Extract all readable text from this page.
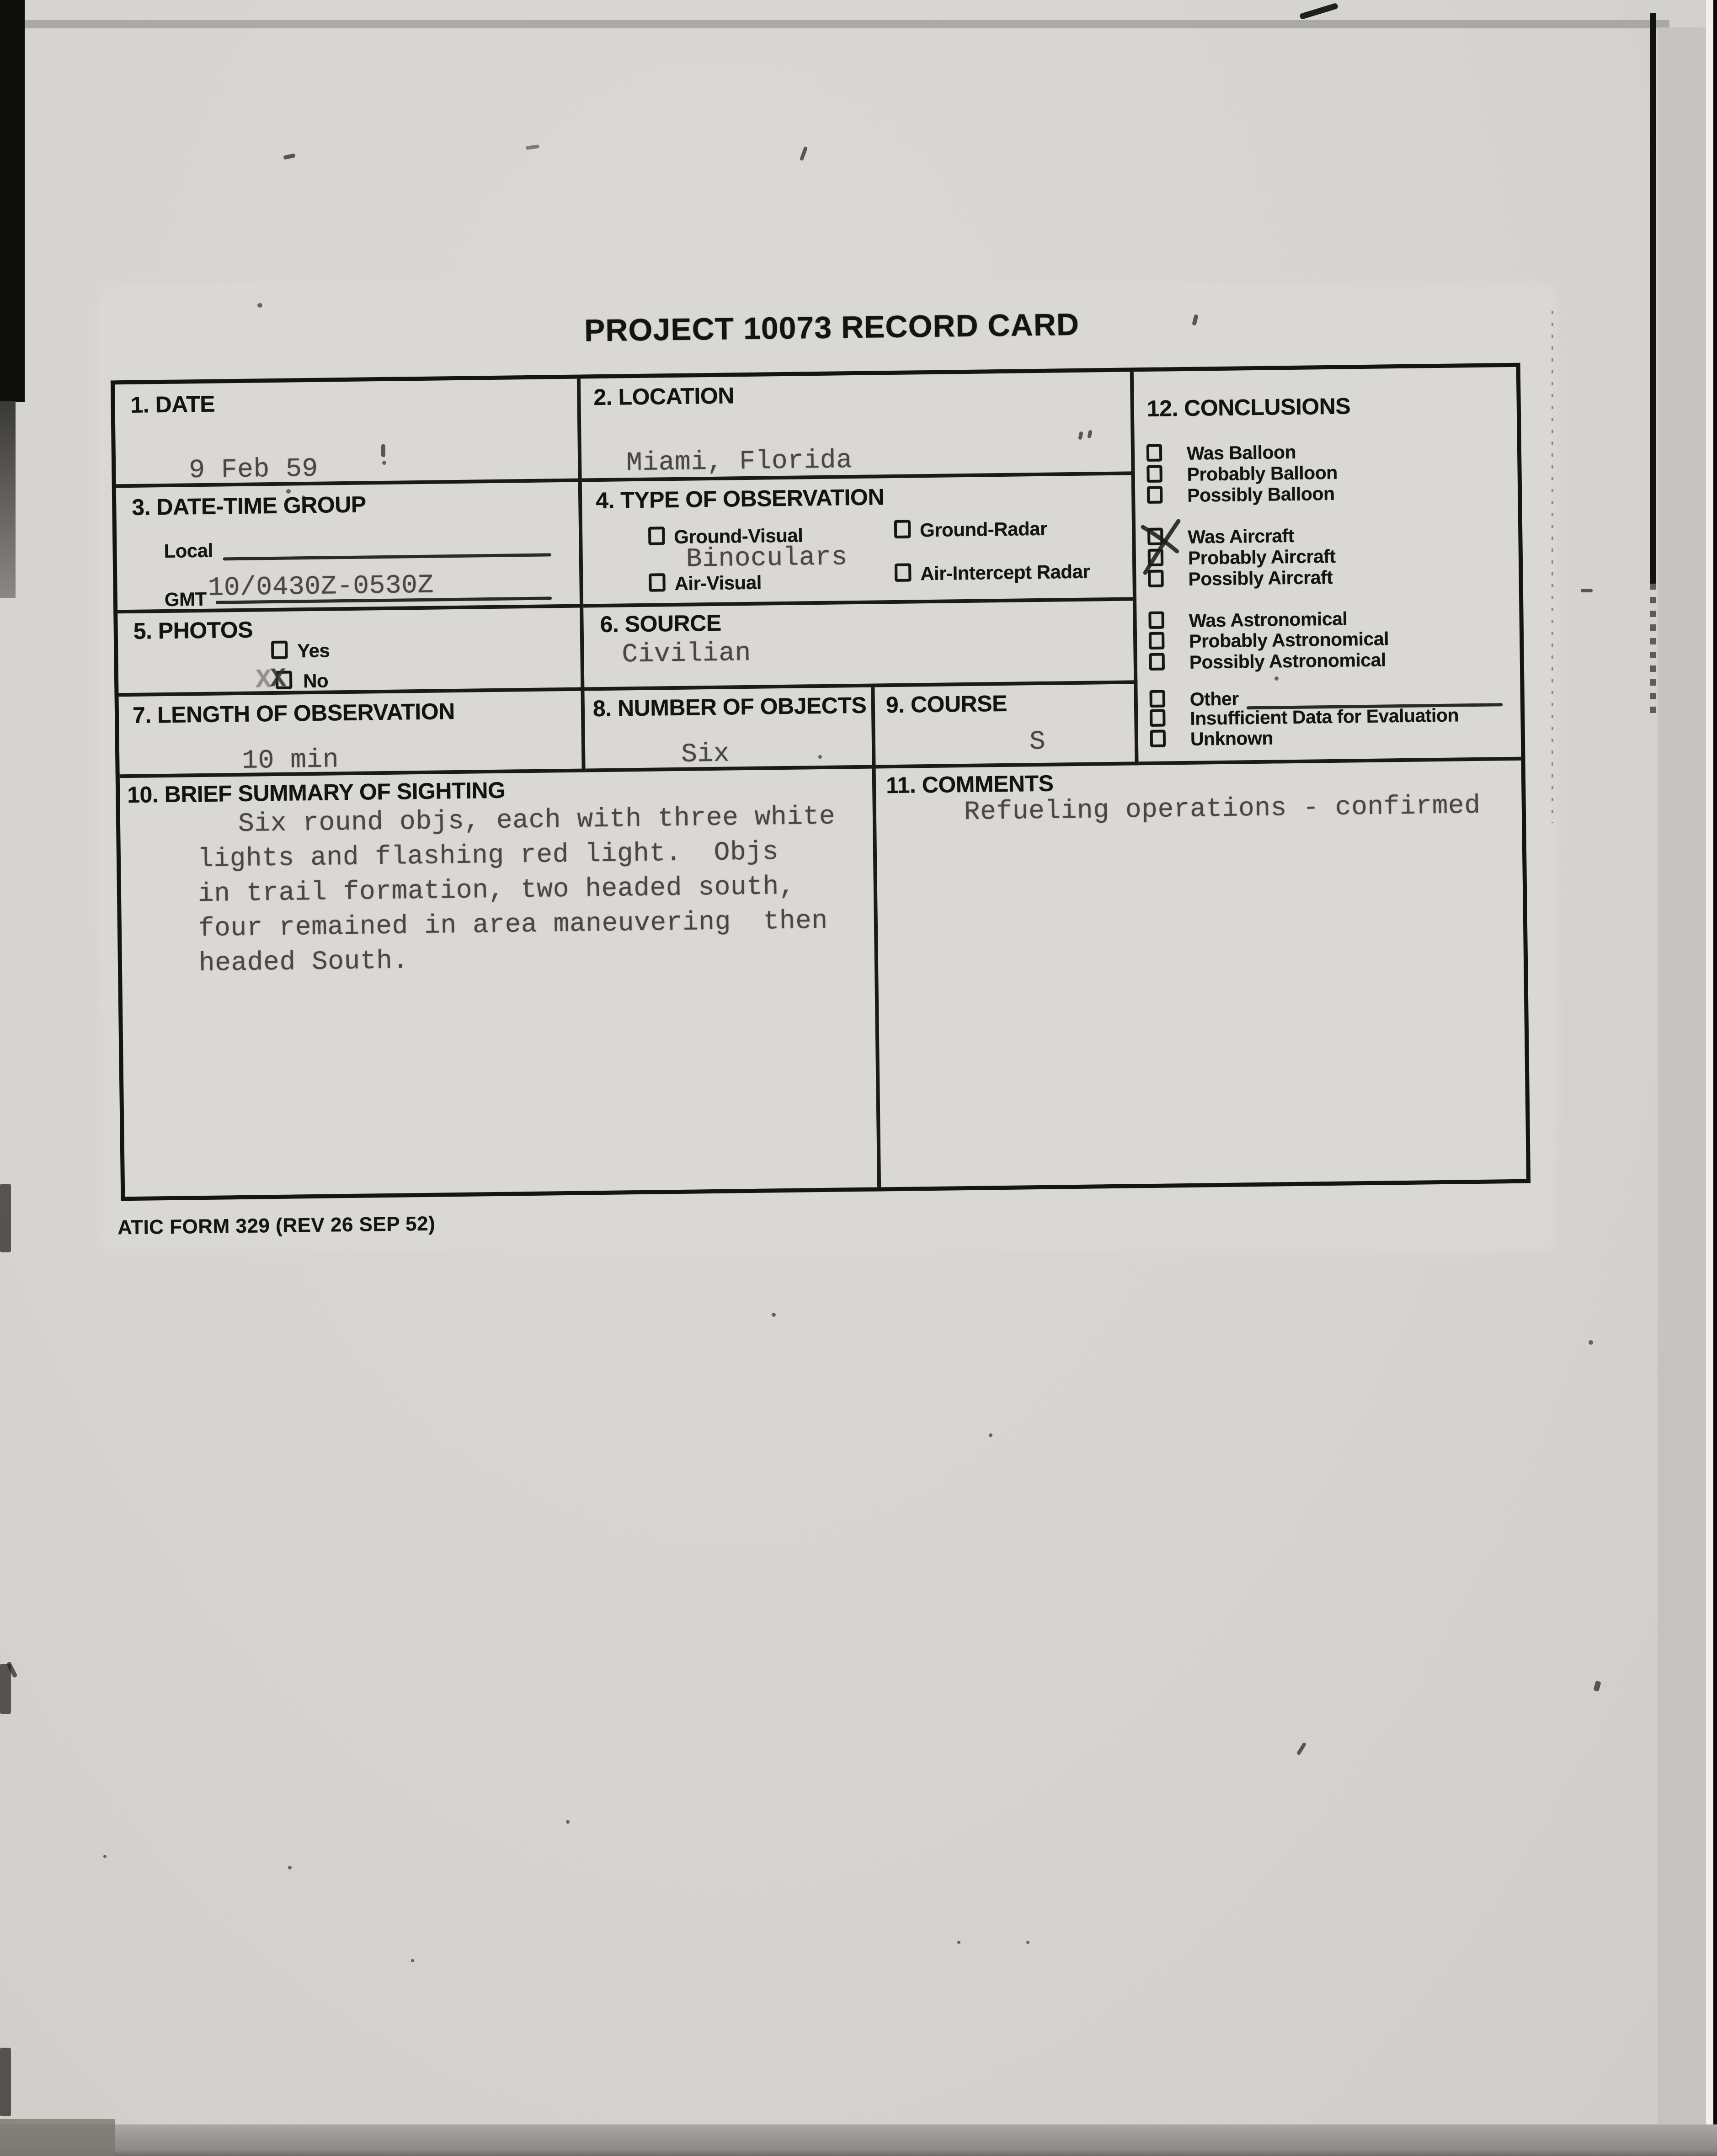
PROJECT 10073 RECORD CARD
1. DATE
9 Feb 59
2. LOCATION
Miami, Florida
12. CONCLUSIONS
Was Balloon
Probably Balloon
Possibly Balloon
Was Aircraft
Probably Aircraft
Possibly Aircraft
Was Astronomical
Probably Astronomical
Possibly Astronomical
Other
Insufficient Data for Evaluation
Unknown
3. DATE-TIME GROUP
Local
GMT 10/0430Z-0530Z
4. TYPE OF OBSERVATION
Ground-Visual
Binoculars
Air-Visual
Ground-Radar
Air-Intercept Radar
5. PHOTOS
Yes
X
X No
6. SOURCE
Civilian
7. LENGTH OF OBSERVATION
10 min
8. NUMBER OF OBJECTS
Six
9. COURSE
S
10. BRIEF SUMMARY OF SIGHTING
Six round objs, each with three white
lights and flashing red light.  Objs
in trail formation, two headed south,
four remained in area maneuvering  then
headed South.
11. COMMENTS
Refueling operations - confirmed
ATIC FORM 329 (REV 26 SEP 52)
